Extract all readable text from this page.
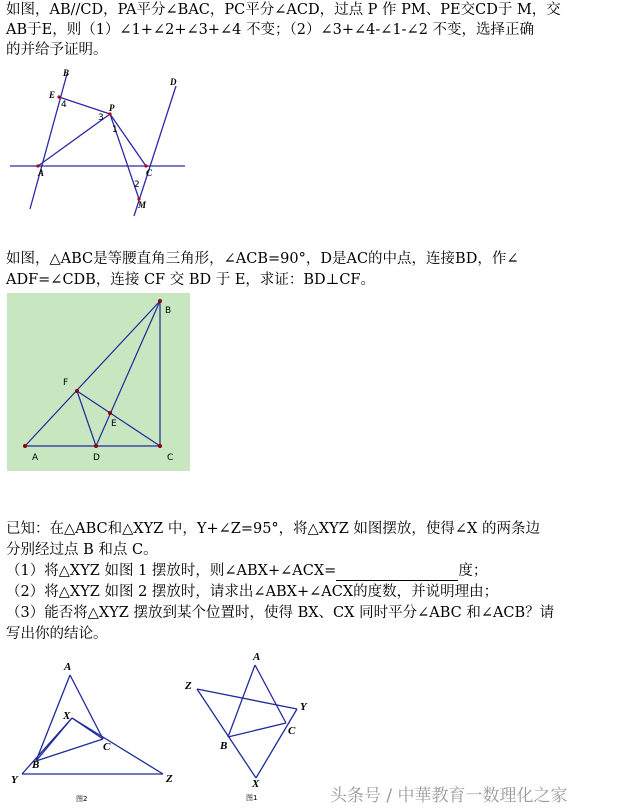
如图，AB//CD，PA平分∠BAC，PC平分∠ACD，过点 P 作 PM、PE交CD于 M，交
AB于E，则（1）∠1+∠2+∠3+∠4 不变；（2）∠3+∠4-∠1-∠2 不变，选择正确
的并给予证明。
B
E
P
D
A	C
M
1
2
3
4
如图，△ABC是等腰直角三角形，∠ACB=90°，D是AC的中点，连接BD，作∠
ADF=∠CDB，连接 CF 交 BD 于 E，求证：BD⊥CF。
B
F
E
A	D	C
已知：在△ABC和△XYZ 中，Y+∠Z=95°，将△XYZ 如图摆放，使得∠X 的两条边
分别经过点 B 和点 C。
（1）将△XYZ 如图 1 摆放时，则∠ABX+∠ACX=	度；
（2）将△XYZ 如图 2 摆放时，请求出∠ABX+∠ACX的度数，并说明理由；
（3）能否将△XYZ 摆放到某个位置时，使得 BX、CX 同时平分∠ABC 和∠ACB？请
写出你的结论。
A
X
B
C
Y	Z
图2
A
Z
Y
B
C
X
图1	头条号 / 中華教育一数理化之家
